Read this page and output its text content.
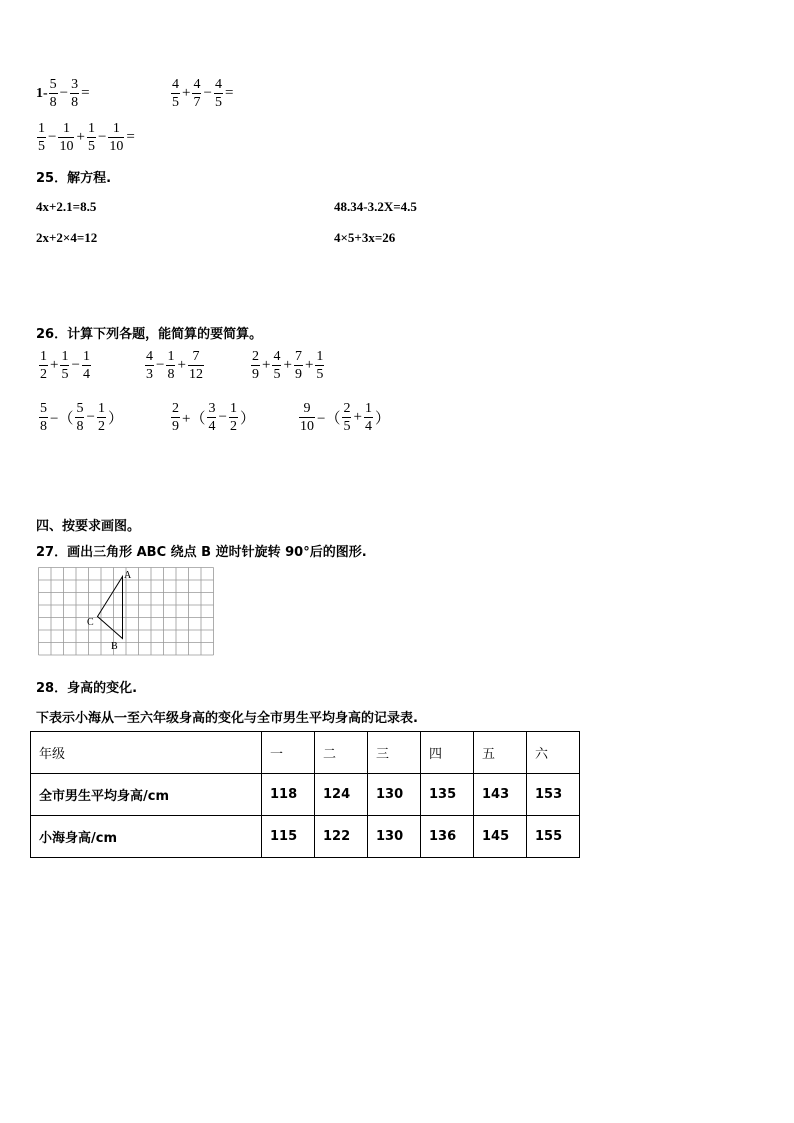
$1- \frac{5}{8} - \frac{3}{8}$ =	$\frac{4}{5} + \frac{4}{7} - \frac{4}{5}$ =
$\frac{1}{5} - \frac{1}{10} + \frac{1}{5} - \frac{1}{10}$ =
25．解方程.
4x+2.1=8.5	48.34-3.2X=4.5
2x+2×4=12	4×5+3x=26
26．计算下列各题，能简算的要简算。
$\frac{1}{2} + \frac{1}{5} - \frac{1}{4}$	$\frac{4}{3} - \frac{1}{8} + \frac{7}{12}$	$\frac{2}{9} + \frac{4}{5} + \frac{7}{9} + \frac{1}{5}$
$\frac{5}{8}$ −（ $\frac{5}{8} - \frac{1}{2}$ ）	$\frac{2}{9}$ +（ $\frac{3}{4} - \frac{1}{2}$ ）	$\frac{9}{10}$ −（ $\frac{2}{5} + \frac{1}{4}$ ）
四、按要求画图。
27．画出三角形 ABC 绕点 B 逆时针旋转 90°后的图形.
A
B
C
28．身高的变化.
下表示小海从一至六年级身高的变化与全市男生平均身高的记录表.
年级	一	二	三	四	五	六
全市男生平均身高/cm	118	124	130	135	143	153
小海身高/cm	115	122	130	136	145	155
